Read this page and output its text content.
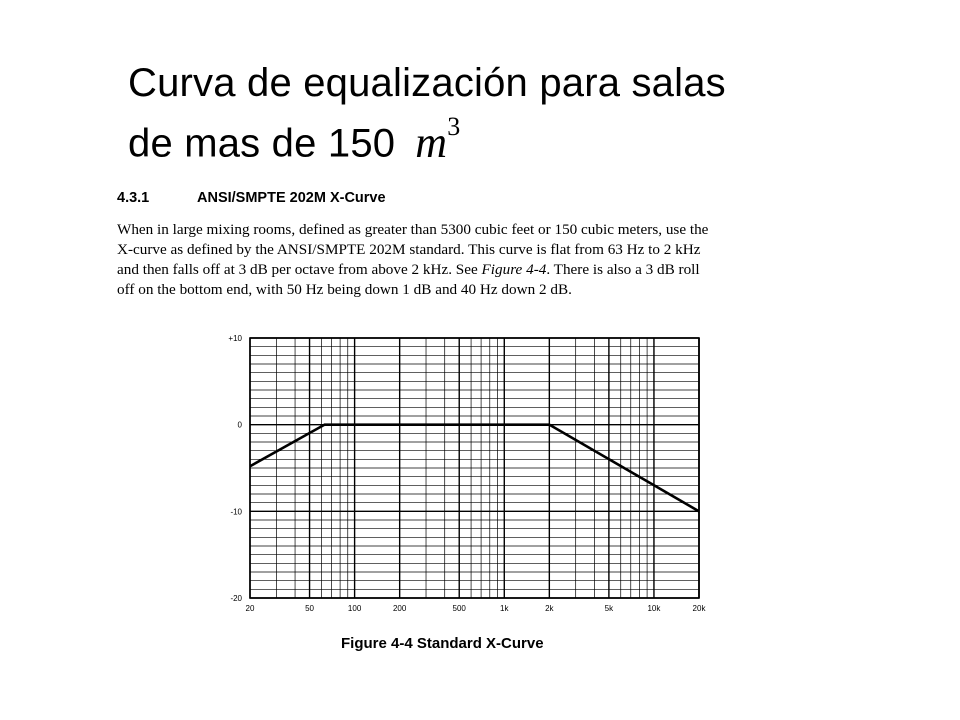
Curva de equalización para salas
de mas de 150 $m^3$
4.3.1	ANSI/SMPTE 202M X-Curve
When in large mixing rooms, defined as greater than 5300 cubic feet or 150 cubic meters, use the
X-curve as defined by the ANSI/SMPTE 202M standard. This curve is flat from 63 Hz to 2 kHz
and then falls off at 3 dB per octave from above 2 kHz. See Figure 4-4. There is also a 3 dB roll
off on the bottom end, with 50 Hz being down 1 dB and 40 Hz down 2 dB.
+10
0
-10
-20
20	50	100	200	500	1k	2k	5k	10k	20k
Figure 4-4 Standard X-Curve
